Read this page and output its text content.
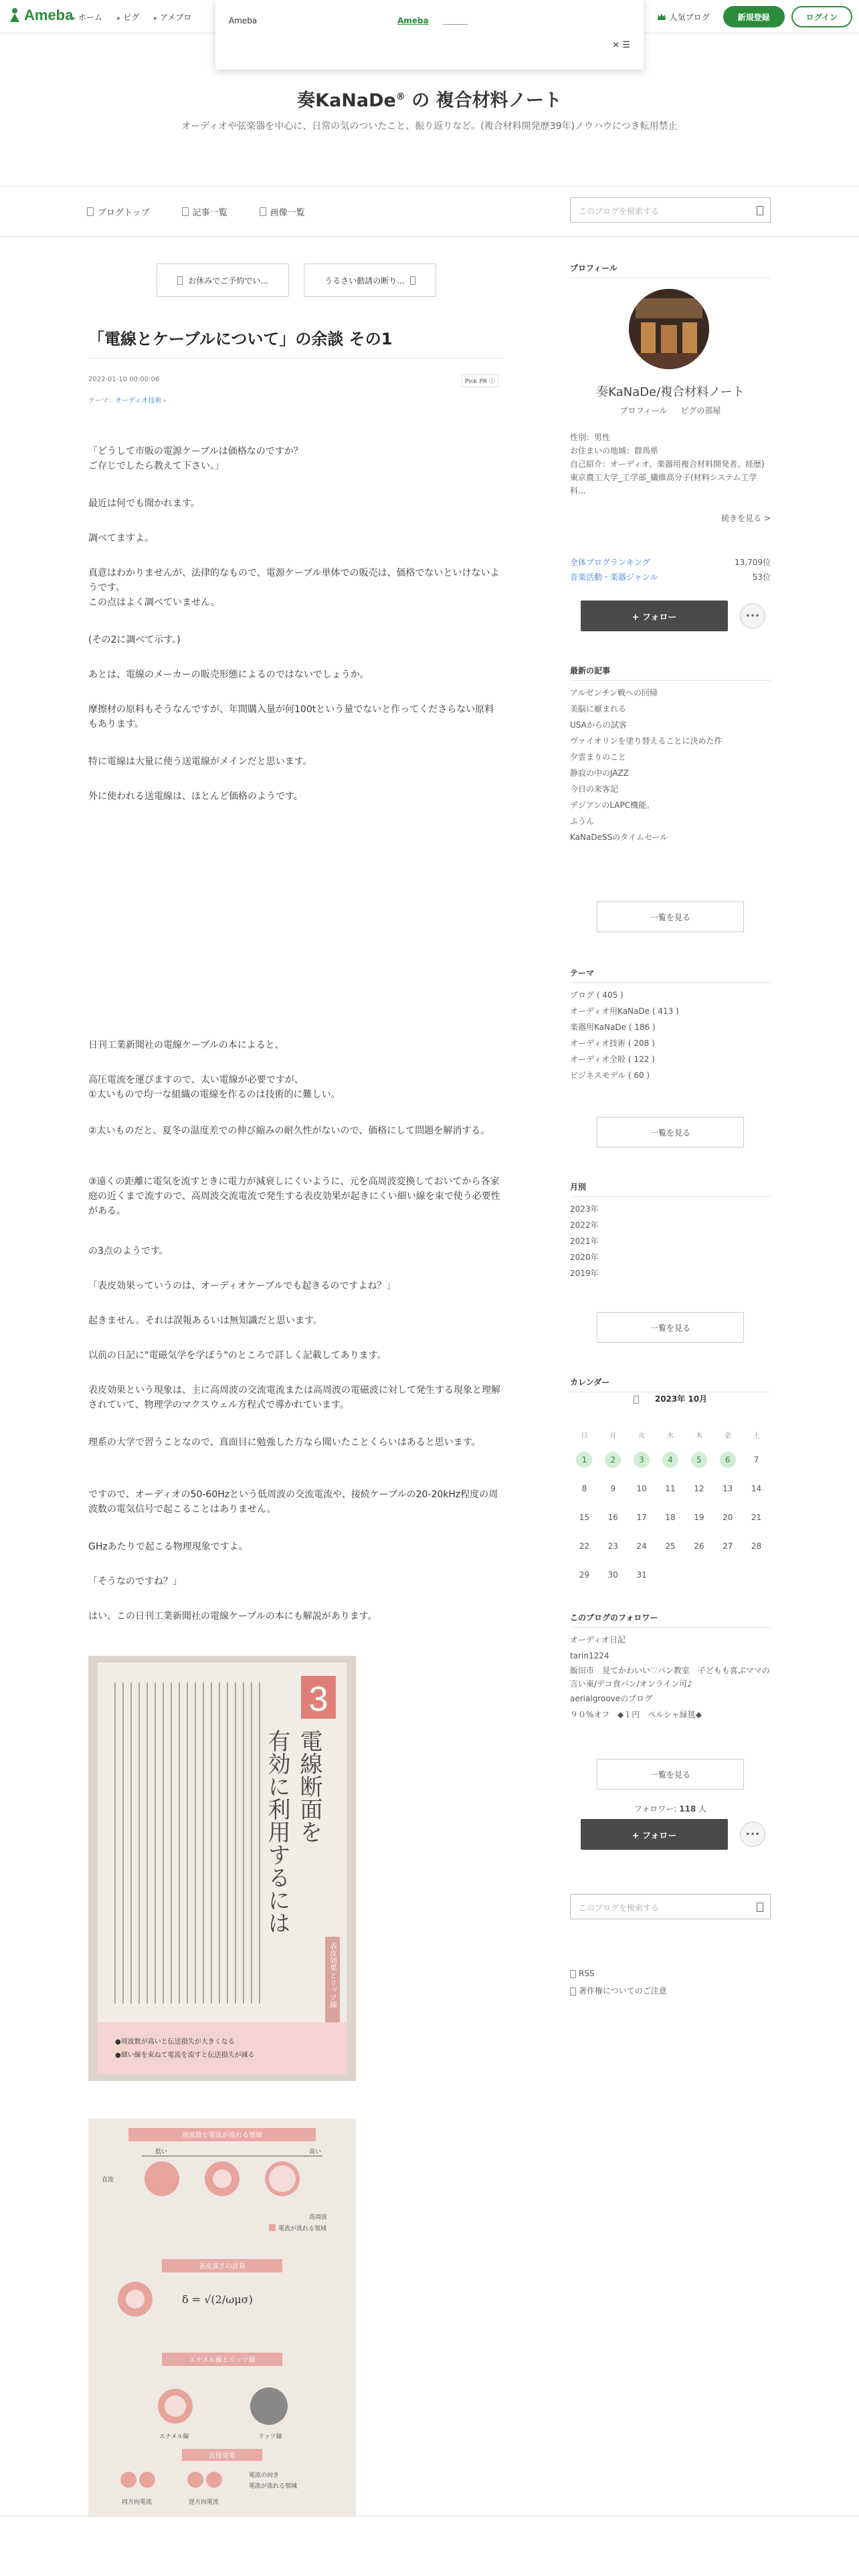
Ameba ▸ ホーム	▸ ピグ	▸ アメブロ	人気ブログ	新規登録	ログイン
Ameba	Ameba
× ☰
奏KaNaDe® の 複合材料ノート
オーディオや弦楽器を中心に、日常の気のついたこと、振り返りなど。(複合材料開発歴39年)ノウハウにつき転用禁止
ブログトップ	記事一覧	画像一覧	このブログを検索する
お休みでご予約でい...	うるさい動誘の断り...
「電線とケーブルについて」の余談 その1
2022-01-10 00:00:06	Pink PR ⓘ
テーマ：オーディオ技術 ›
「どうして市販の電源ケーブルは価格なのですか？
ご存じでしたら教えて下さい。」
最近は何でも聞かれます。
調べてますよ。
真意はわかりませんが、法律的なもので、電源ケーブル単体での販売は、価格でないといけないようです。
この点はよく調べていません。
(その2に調べて示す。)
あとは、電線のメーカーの販売形態によるのではないでしょうか。
摩擦材の原料もそうなんですが、年間購入量が何100tという量でないと作ってくださらない原料もあります。
特に電線は大量に使う送電線がメインだと思います。
外に使われる送電線は、ほとんど価格のようです。
日刊工業新聞社の電線ケーブルの本によると、
高圧電流を運びますので、太い電線が必要ですが、
①太いもので均一な組織の電線を作るのは技術的に難しい。
②太いものだと、夏冬の温度差での伸び縮みの耐久性がないので、価格にして問題を解消する。
③遠くの距離に電気を流すときに電力が減衰しにくいように、元を高周波変換しておいてから各家庭の近くまで流すので、高周波交流電流で発生する表皮効果が起きにくい細い線を束で使う必要性がある。
の3点のようです。
「表皮効果っていうのは、オーディオケーブルでも起きるのですよね？」
起きません。それは誤報あるいは無知識だと思います。
以前の日記に"電磁気学を学ぼう"のところで詳しく記載してあります。
表皮効果という現象は、主に高周波の交流電流または高周波の電磁波に対して発生する現象と理解されていて、物理学のマクスウェル方程式で導かれています。
理系の大学で習うことなので、真面目に勉強した方なら聞いたことくらいはあると思います。
ですので、オーディオの50-60Hzという低周波の交流電流や、接続ケーブルの20-20kHz程度の周波数の電気信号で起こることはありません。
GHzあたりで起こる物理現象ですよ。
「そうなのですね？」
はい、この日刊工業新聞社の電線ケーブルの本にも解説があります。
3
電線断面を
有効に利用するには
表皮効果とリッツ線
●周波数が高いと伝送損失が大きくなる
●細い線を束ねて電流を流すと伝送損失が減る
周波数と電流が流れる領域
低い	高い
直流
高周波
電流が流れる領域
表皮深さの計算
δ = √(2/ωμσ)
エナメル線とリッツ線
エナメル線	リッツ線
近接効果
電流の向き
電流が流れる領域
同方向電流	逆方向電流
プロフィール
奏KaNaDe/複合材料ノート
プロフィール ピグの部屋
性別：男性
お住まいの地域：群馬県
自己紹介：オーディオ、楽器用複合材料開発者。経歴) 東京農工大学_工学部_繊維高分子(材料システム工学科...
続きを見る >
全体ブログランキング	13,709位
音楽活動・楽器ジャンル	53位
+ フォロー	•••
最新の記事
アルゼンチン戦への回帰
美脳に厭まれる
USAからの試客
ヴァイオリンを塗り替えることに決めた件
夕雲まりのこと
静寂の中のJAZZ
今日の来客記
デジアンのLAPC機能。
ふうん
KaNaDeSSのタイムセール
一覧を見る
テーマ
ブログ ( 405 )
オーディオ用KaNaDe ( 413 )
楽器用KaNaDe ( 186 )
オーディオ技術 ( 208 )
オーディオ全般 ( 122 )
ビジネスモデル ( 60 )
一覧を見る
月別
2023年
2022年
2021年
2020年
2019年
一覧を見る
カレンダー
2023年 10月
日	月	火	水	木	金	土
1	2	3	4	5	6	7
8	9	10	11	12	13	14
15	16	17	18	19	20	21
22	23	24	25	26	27	28
29	30	31
このブログのフォロワー
オーディオ日記
tarin1224
飯田市　見てかわいい♡パン教室　子どもも喜ぶママの言い東/デコ食パン/オンライン可♪
aerialgrooveのブログ
９０%オフ　◆１円　ペルシャ緑毯◆
一覧を見る
フォロワー: 118 人
+ フォロー	•••
このブログを検索する
RSS
著作権についてのご注意
